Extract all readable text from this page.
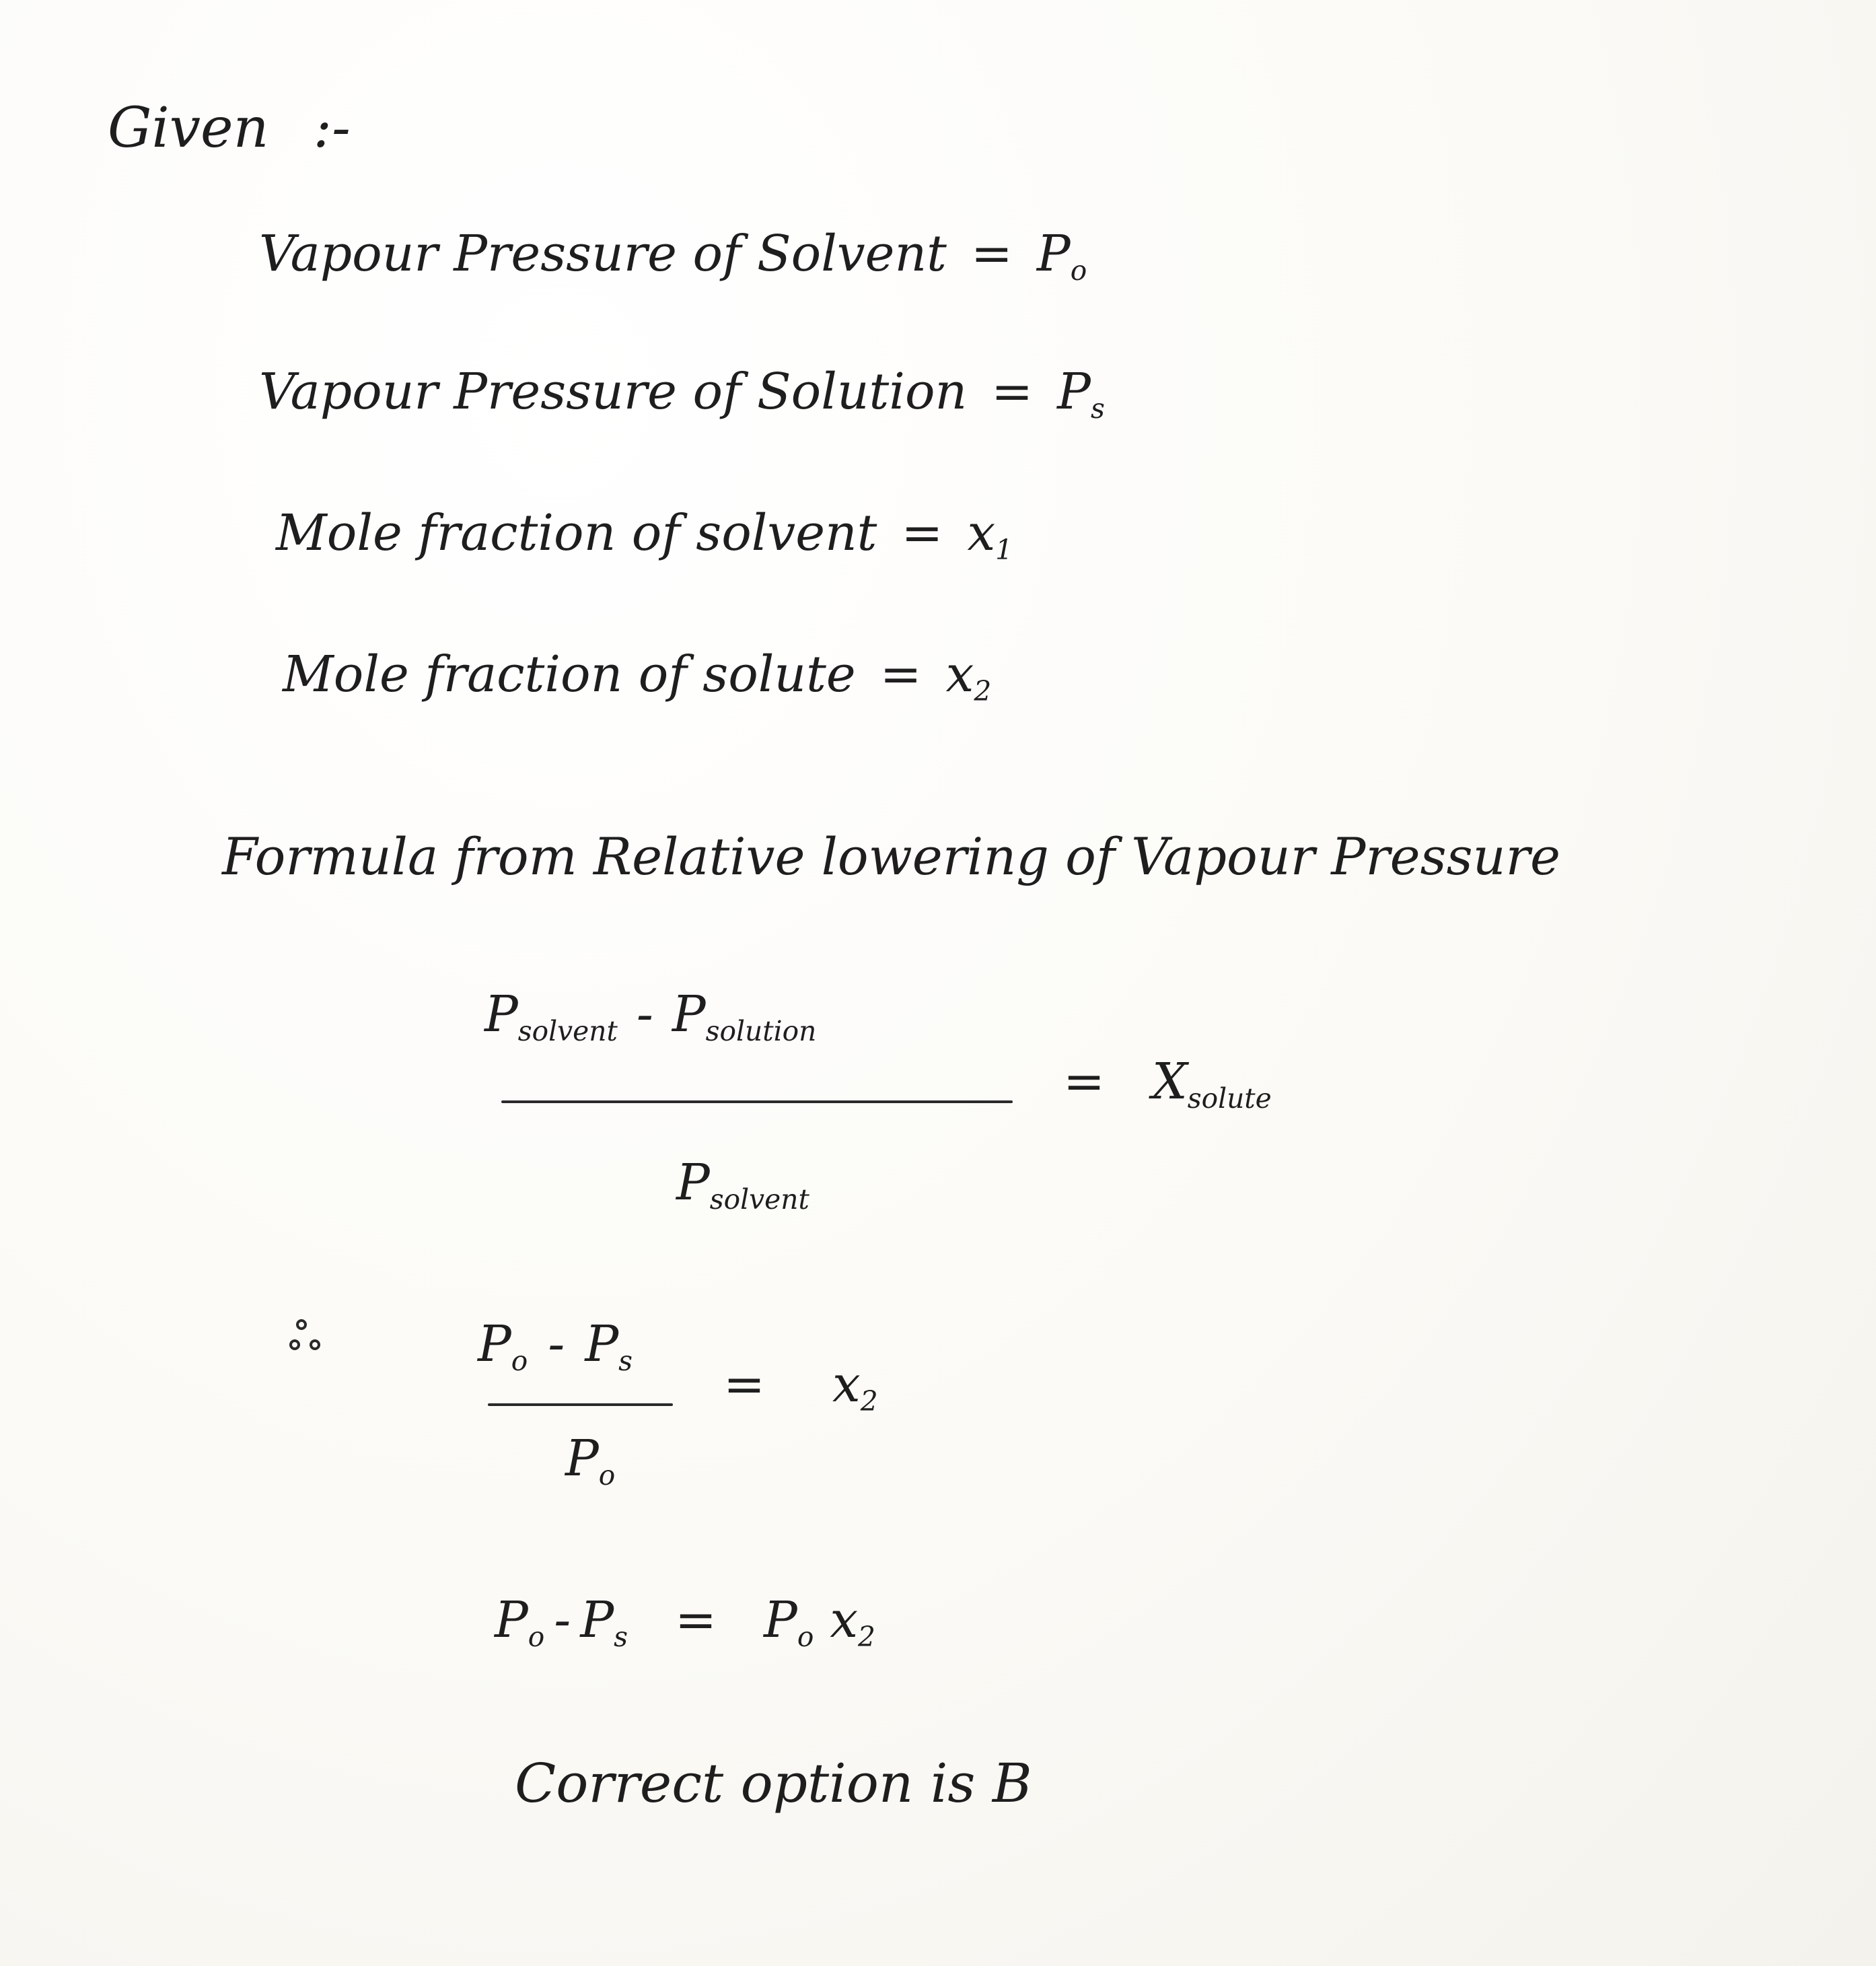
Given :-
Vapour Pressure of Solvent = Po
Vapour Pressure of Solution = Ps
Mole fraction of solvent = x1
Mole fraction of solute = x2
Formula from Relative lowering of Vapour Pressure
Psolvent - Psolution
Psolvent
= Xsolute
Po - Ps
Po
= x2
Po - Ps = Po x2
Correct option is B
